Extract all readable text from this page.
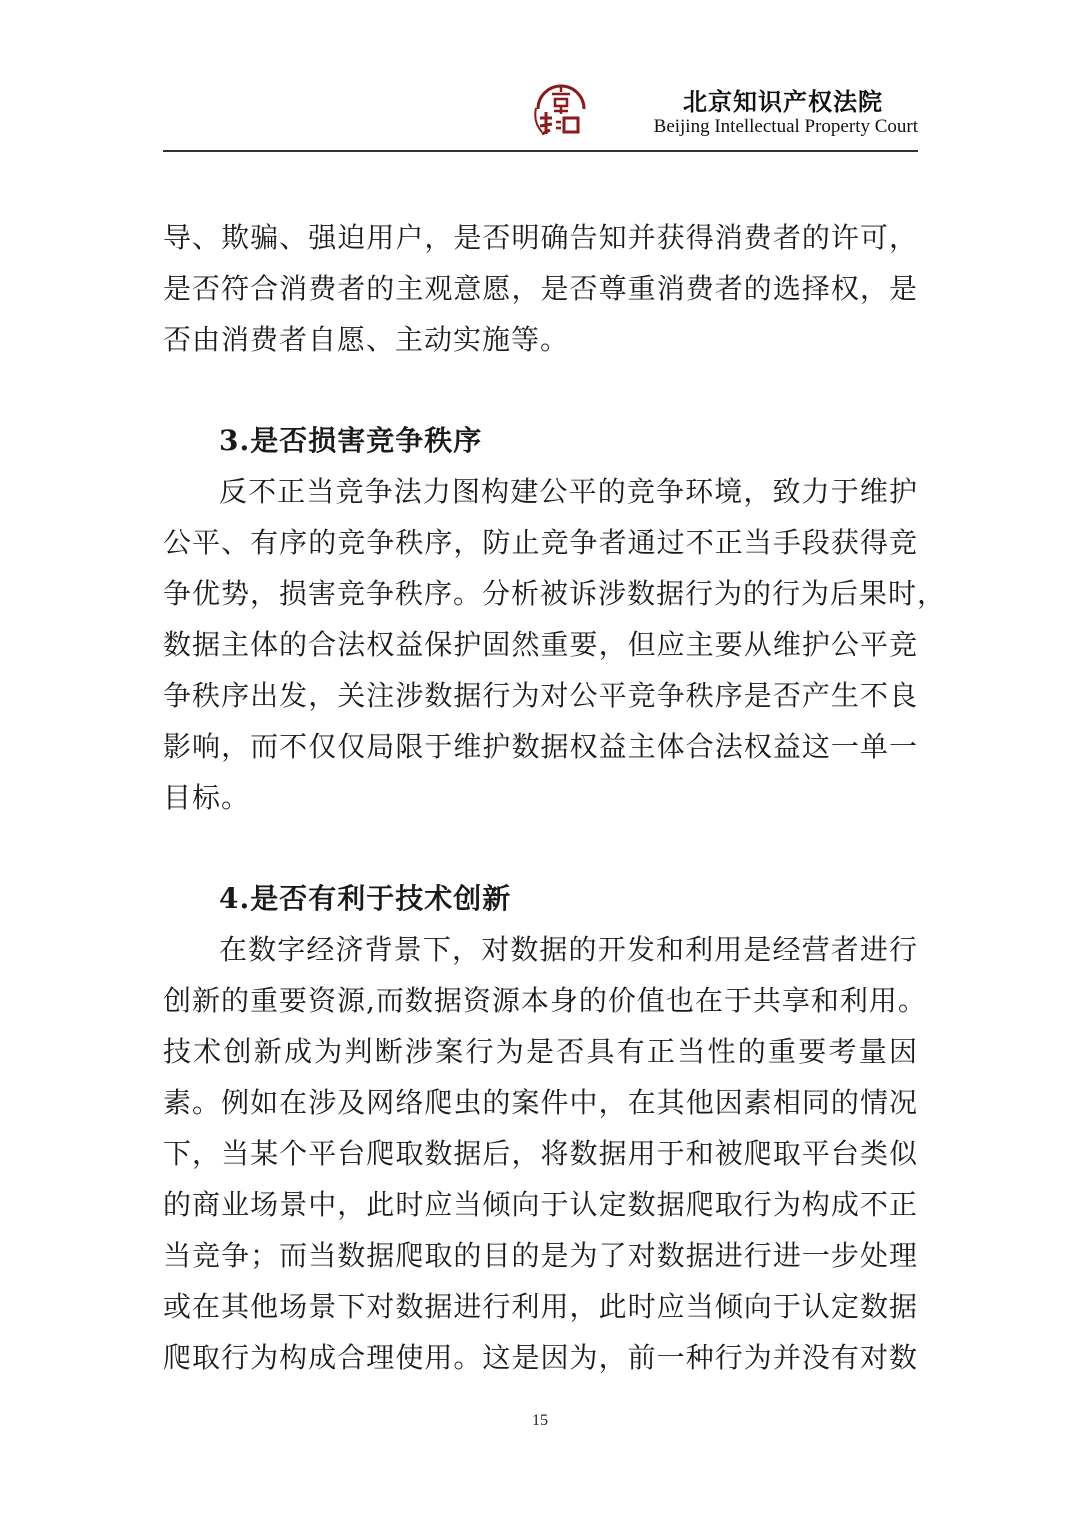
北京知识产权法院
Beijing Intellectual Property Court
导、欺骗、强迫用户，是否明确告知并获得消费者的许可，
是否符合消费者的主观意愿，是否尊重消费者的选择权，是
否由消费者自愿、主动实施等。
3.是否损害竞争秩序
反不正当竞争法力图构建公平的竞争环境，致力于维护
公平、有序的竞争秩序，防止竞争者通过不正当手段获得竞
争优势，损害竞争秩序。分析被诉涉数据行为的行为后果时，
数据主体的合法权益保护固然重要，但应主要从维护公平竞
争秩序出发，关注涉数据行为对公平竞争秩序是否产生不良
影响，而不仅仅局限于维护数据权益主体合法权益这一单一
目标。
4.是否有利于技术创新
在数字经济背景下，对数据的开发和利用是经营者进行
创新的重要资源,而数据资源本身的价值也在于共享和利用。
技术创新成为判断涉案行为是否具有正当性的重要考量因
素。例如在涉及网络爬虫的案件中，在其他因素相同的情况
下，当某个平台爬取数据后，将数据用于和被爬取平台类似
的商业场景中，此时应当倾向于认定数据爬取行为构成不正
当竞争；而当数据爬取的目的是为了对数据进行进一步处理
或在其他场景下对数据进行利用，此时应当倾向于认定数据
爬取行为构成合理使用。这是因为，前一种行为并没有对数
15
